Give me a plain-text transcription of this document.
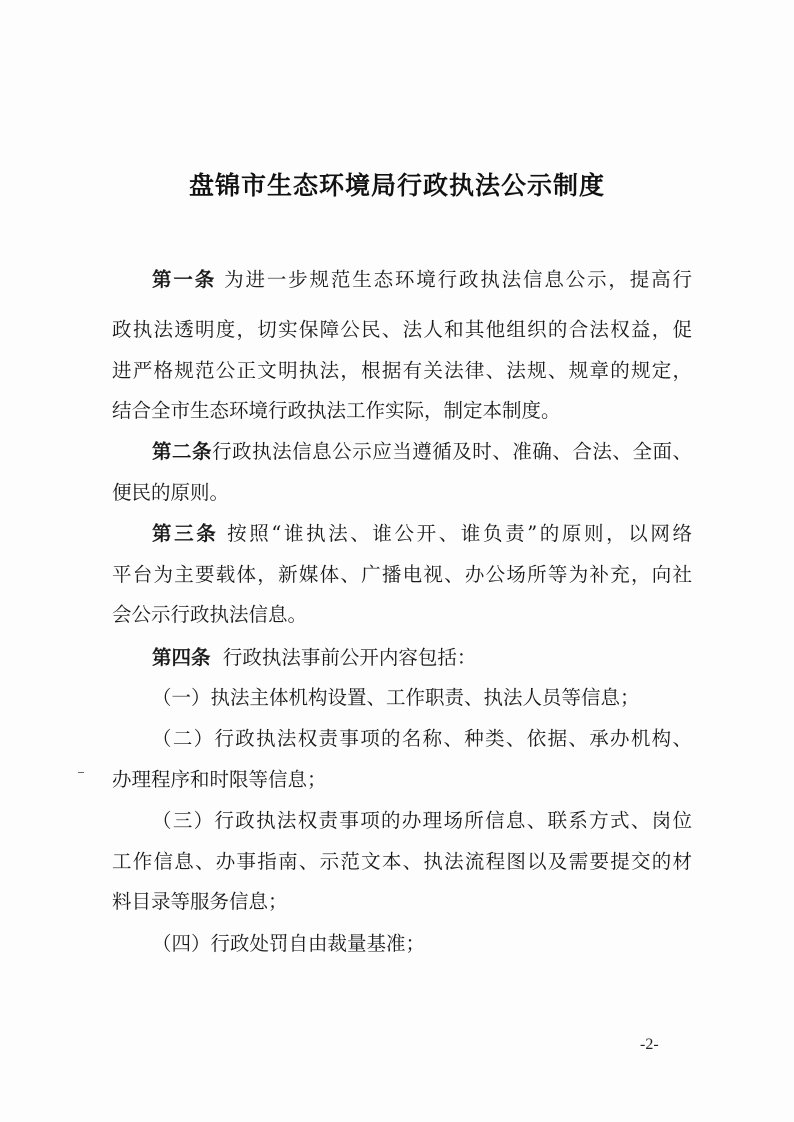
盘锦市生态环境局行政执法公示制度
第一条 为进一步规范生态环境行政执法信息公示，提高行
政执法透明度，切实保障公民、法人和其他组织的合法权益，促
进严格规范公正文明执法，根据有关法律、法规、规章的规定，
结合全市生态环境行政执法工作实际，制定本制度。
第二条行政执法信息公示应当遵循及时、准确、合法、全面、
便民的原则。
第三条 按照“谁执法、谁公开、谁负责”的原则，以网络
平台为主要载体，新媒体、广播电视、办公场所等为补充，向社
会公示行政执法信息。
第四条 行政执法事前公开内容包括：
（一）执法主体机构设置、工作职责、执法人员等信息；
（二）行政执法权责事项的名称、种类、依据、承办机构、
办理程序和时限等信息；
（三）行政执法权责事项的办理场所信息、联系方式、岗位
工作信息、办事指南、示范文本、执法流程图以及需要提交的材
料目录等服务信息；
（四）行政处罚自由裁量基准；
-2-
